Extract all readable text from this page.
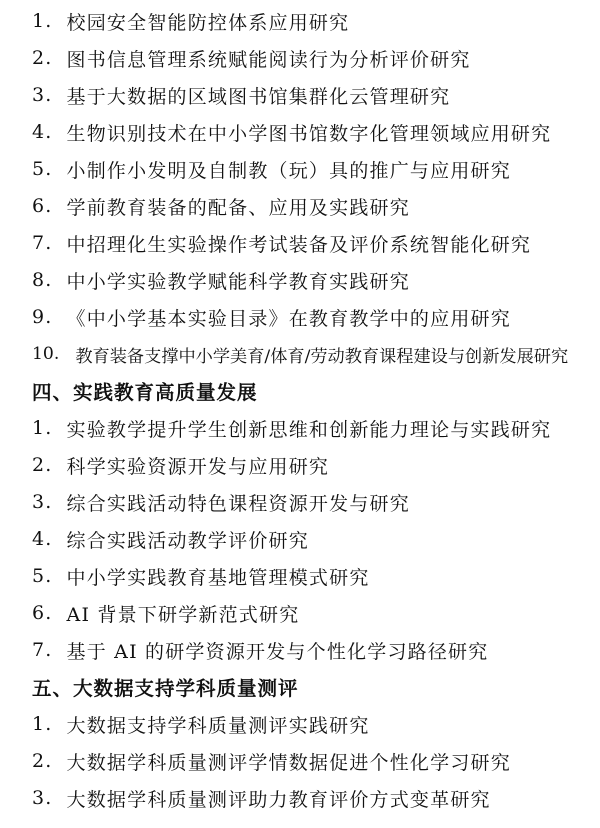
1. 校园安全智能防控体系应用研究
2. 图书信息管理系统赋能阅读行为分析评价研究
3. 基于大数据的区域图书馆集群化云管理研究
4. 生物识别技术在中小学图书馆数字化管理领域应用研究
5. 小制作小发明及自制教（玩）具的推广与应用研究
6. 学前教育装备的配备、应用及实践研究
7. 中招理化生实验操作考试装备及评价系统智能化研究
8. 中小学实验教学赋能科学教育实践研究
9. 《中小学基本实验目录》在教育教学中的应用研究
10. 教育装备支撑中小学美育/体育/劳动教育课程建设与创新发展研究
四、实践教育高质量发展
1. 实验教学提升学生创新思维和创新能力理论与实践研究
2. 科学实验资源开发与应用研究
3. 综合实践活动特色课程资源开发与研究
4. 综合实践活动教学评价研究
5. 中小学实践教育基地管理模式研究
6. AI 背景下研学新范式研究
7. 基于 AI 的研学资源开发与个性化学习路径研究
五、大数据支持学科质量测评
1. 大数据支持学科质量测评实践研究
2. 大数据学科质量测评学情数据促进个性化学习研究
3. 大数据学科质量测评助力教育评价方式变革研究
